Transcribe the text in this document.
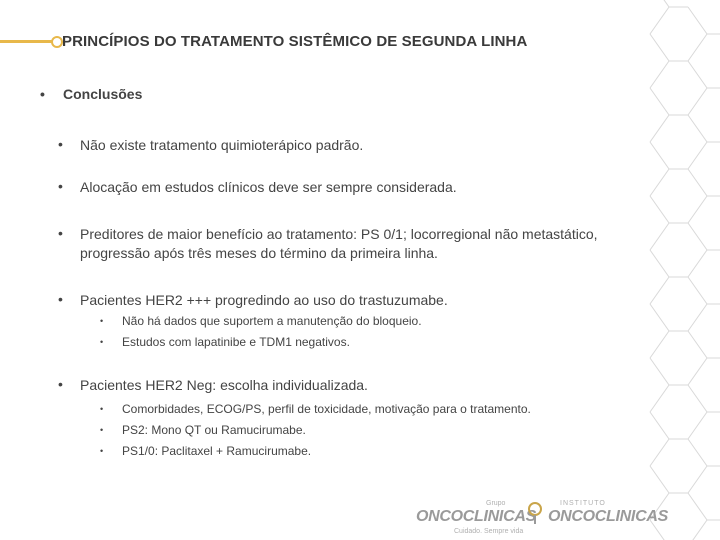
PRINCÍPIOS DO TRATAMENTO SISTÊMICO DE SEGUNDA LINHA
• Conclusões
• Não existe tratamento quimioterápico padrão.
• Alocação em estudos clínicos deve ser sempre considerada.
• Preditores de maior benefício ao tratamento: PS 0/1; locorregional não metastático, progressão após três meses do término da primeira linha.
• Pacientes HER2 +++ progredindo ao uso do trastuzumabe.
• Não há dados que suportem a manutenção do bloqueio.
• Estudos com lapatinibe e TDM1 negativos.
• Pacientes HER2 Neg: escolha individualizada.
• Comorbidades, ECOG/PS, perfil de toxicidade, motivação para o tratamento.
• PS2: Mono QT ou Ramucirumabe.
• PS1/0: Paclitaxel + Ramucirumabe.
Grupo
ONCOCLINICAS
Cuidado. Sempre vida
INSTITUTO
ONCOCLINICAS
